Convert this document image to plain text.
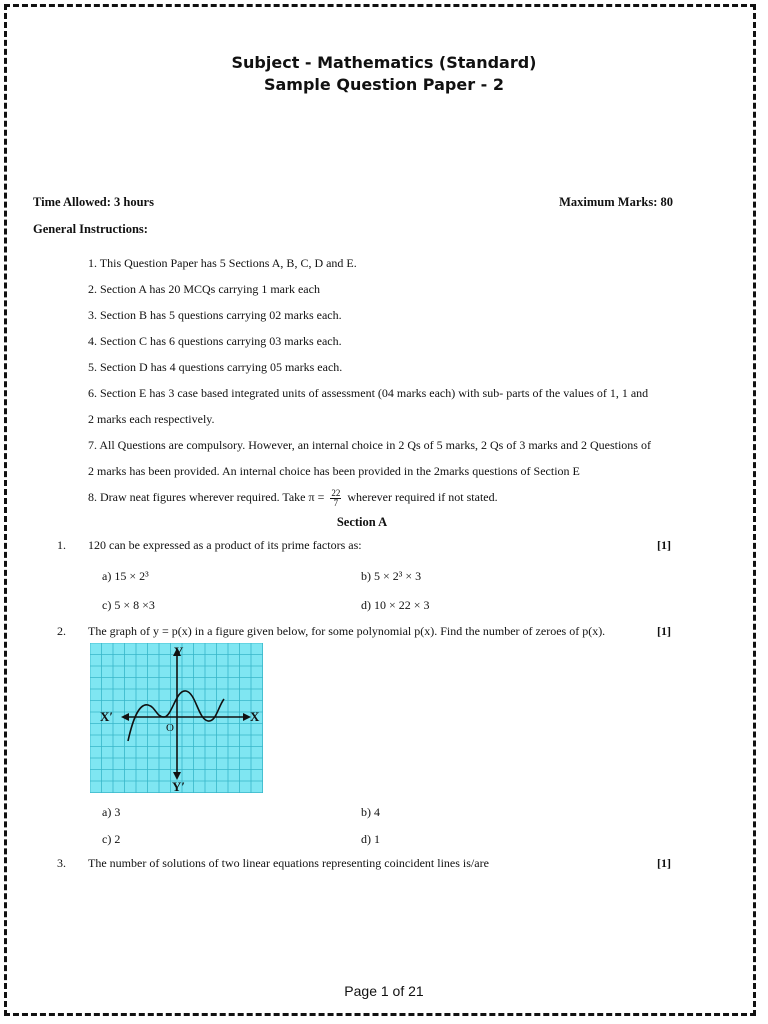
Subject - Mathematics (Standard)
Sample Question Paper - 2
Time Allowed: 3 hours	Maximum Marks: 80
General Instructions:
1. This Question Paper has 5 Sections A, B, C, D and E.
2. Section A has 20 MCQs carrying 1 mark each
3. Section B has 5 questions carrying 02 marks each.
4. Section C has 6 questions carrying 03 marks each.
5. Section D has 4 questions carrying 05 marks each.
6. Section E has 3 case based integrated units of assessment (04 marks each) with sub- parts of the values of 1, 1 and
2 marks each respectively.
7. All Questions are compulsory. However, an internal choice in 2 Qs of 5 marks, 2 Qs of 3 marks and 2 Questions of
2 marks has been provided. An internal choice has been provided in the 2marks questions of Section E
8. Draw neat figures wherever required. Take $\pi = \frac{22}{7}$ wherever required if not stated.
Section A
1. 120 can be expressed as a product of its prime factors as:	[1]
a) 15 × 2³	b) 5 × 2³ × 3
c) 5 × 8 ×3	d) 10 × 22 × 3
2. The graph of y = p(x) in a figure given below, for some polynomial p(x). Find the number of zeroes of p(x).	[1]
X
X′
Y
Y′
O
a) 3	b) 4
c) 2	d) 1
3. The number of solutions of two linear equations representing coincident lines is/are	[1]
Page 1 of 21
